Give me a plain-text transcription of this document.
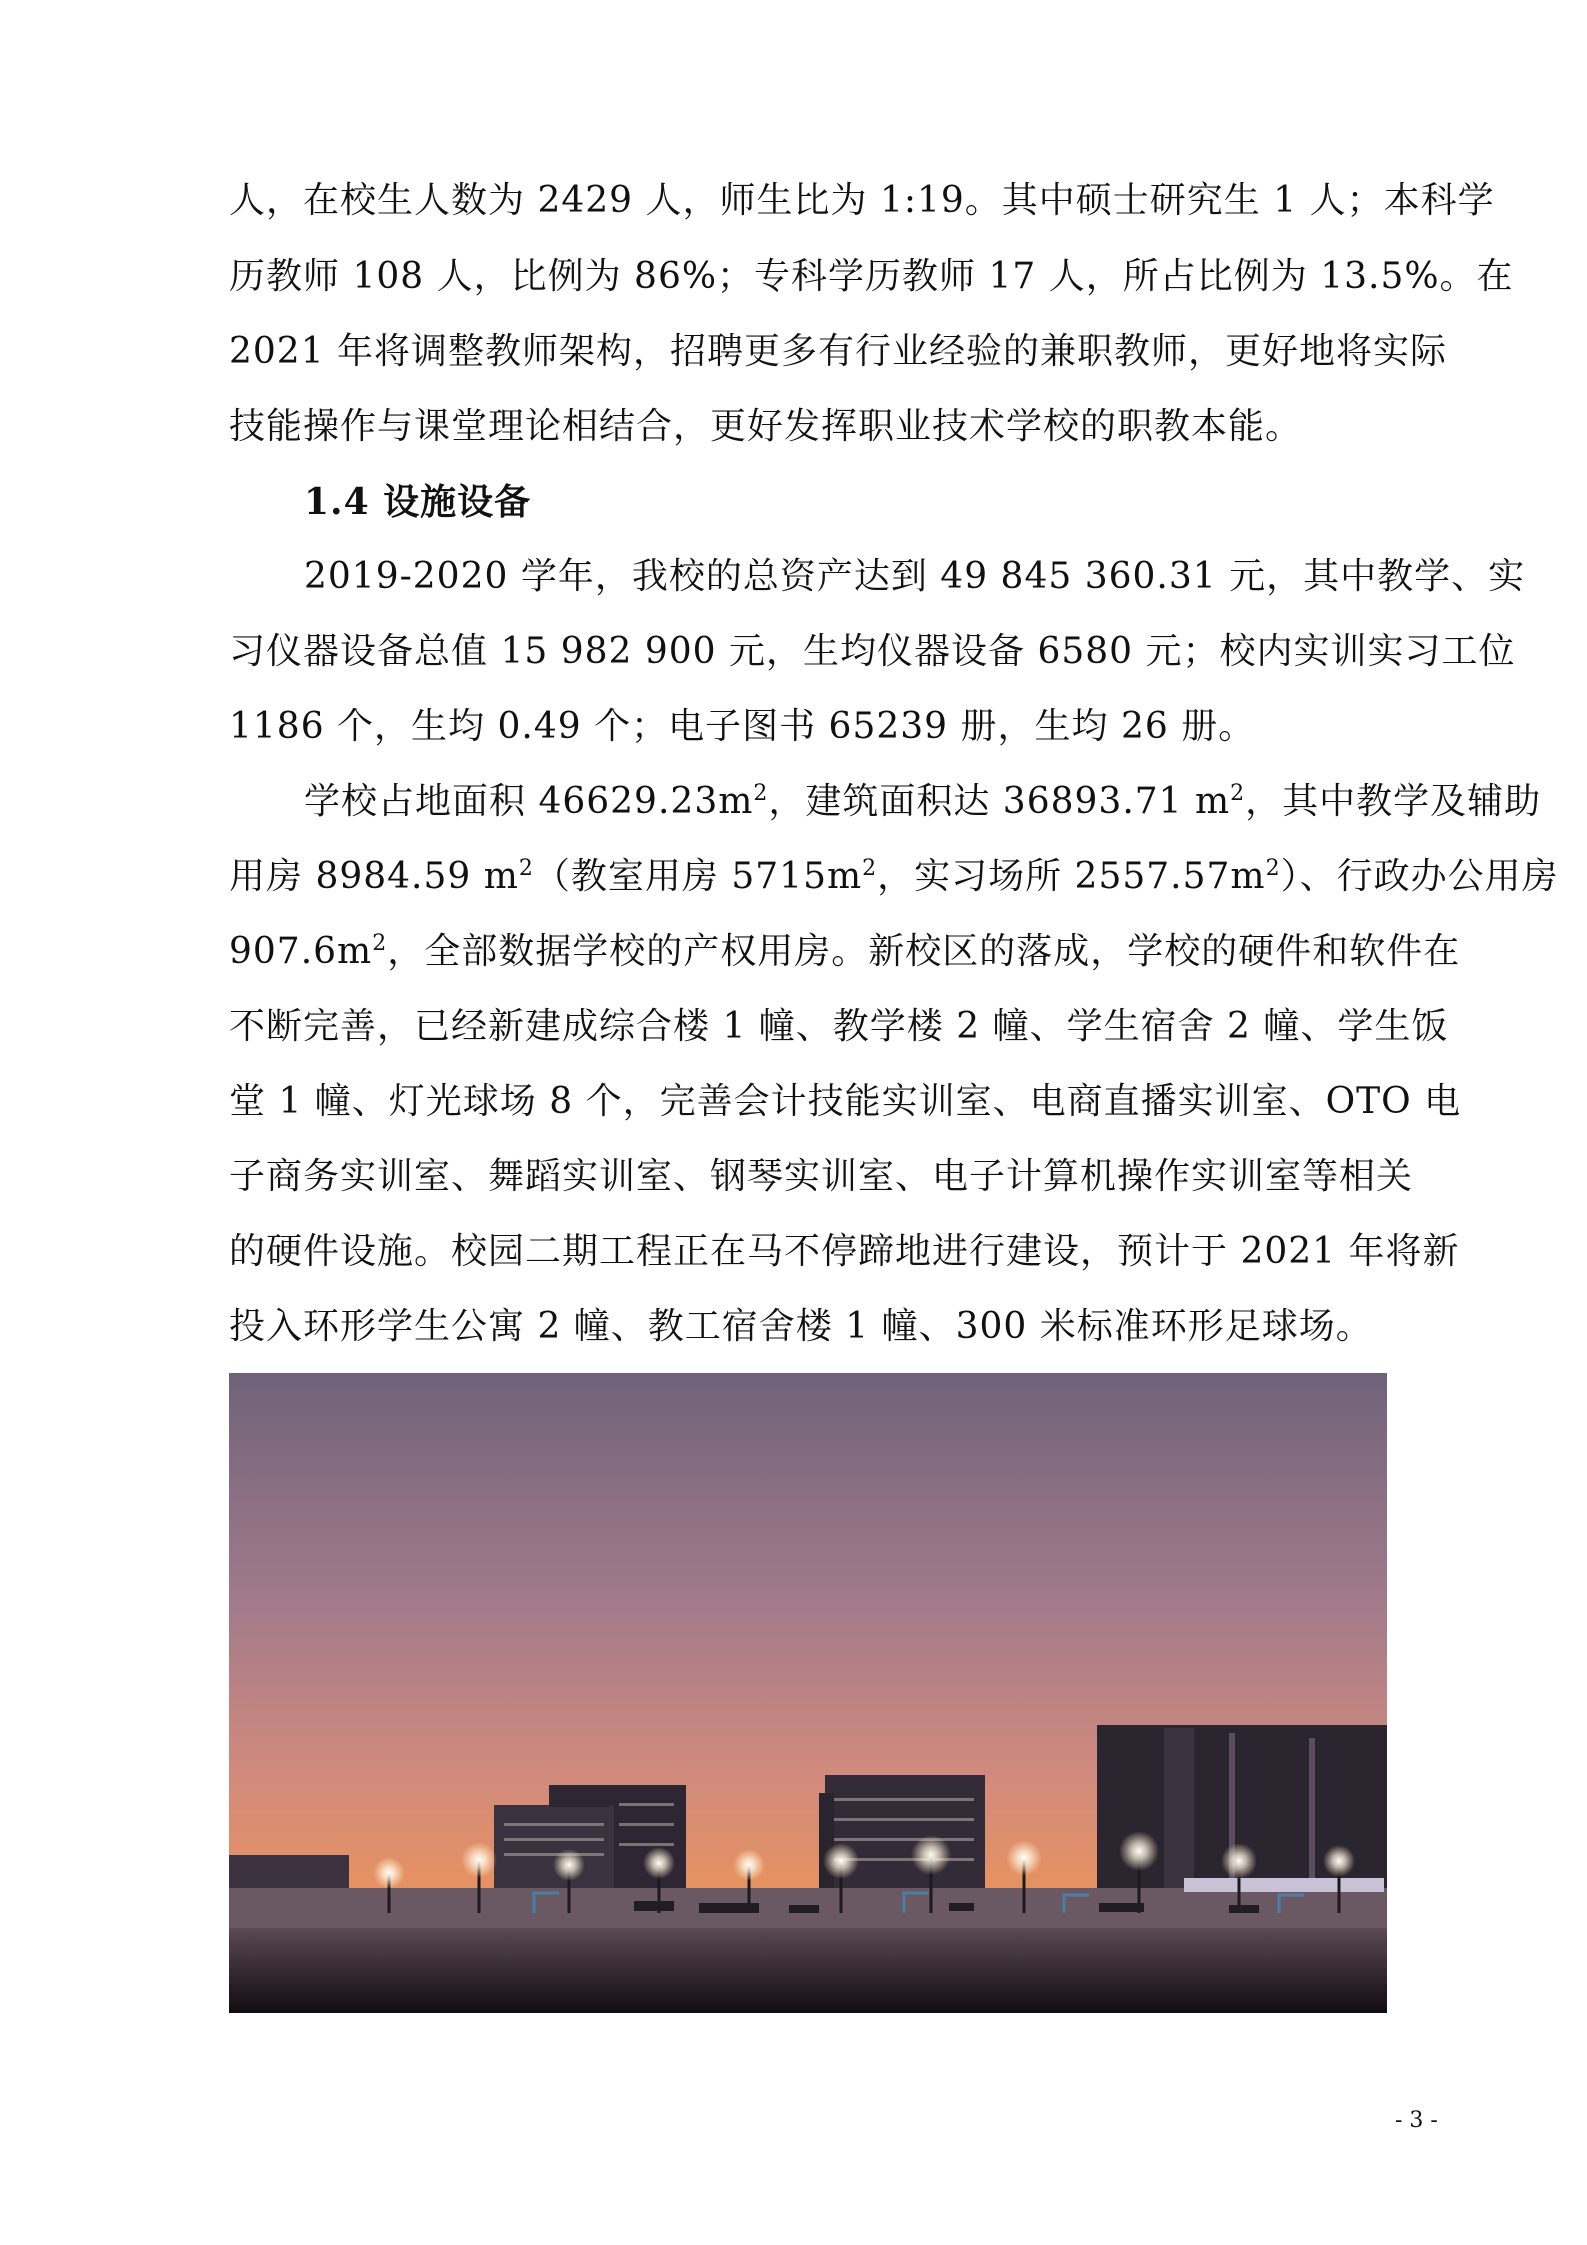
人，在校生人数为 2429 人，师生比为 1:19。其中硕士研究生 1 人；本科学
历教师 108 人，比例为 86%；专科学历教师 17 人，所占比例为 13.5%。在
2021 年将调整教师架构，招聘更多有行业经验的兼职教师，更好地将实际
技能操作与课堂理论相结合，更好发挥职业技术学校的职教本能。
1.4 设施设备
2019-2020 学年，我校的总资产达到 49 845 360.31 元，其中教学、实
习仪器设备总值 15 982 900 元，生均仪器设备 6580 元；校内实训实习工位
1186 个，生均 0.49 个；电子图书 65239 册，生均 26 册。
学校占地面积 $46629.23m^2$，建筑面积达 36893.71 $m^2$，其中教学及辅助
用房 8984.59 $m^2$（教室用房 $5715m^2$，实习场所 $2557.57m^2$）、行政办公用房
$907.6m^2$，全部数据学校的产权用房。新校区的落成，学校的硬件和软件在
不断完善，已经新建成综合楼 1 幢、教学楼 2 幢、学生宿舍 2 幢、学生饭
堂 1 幢、灯光球场 8 个，完善会计技能实训室、电商直播实训室、OTO 电
子商务实训室、舞蹈实训室、钢琴实训室、电子计算机操作实训室等相关
的硬件设施。校园二期工程正在马不停蹄地进行建设，预计于 2021 年将新
投入环形学生公寓 2 幢、教工宿舍楼 1 幢、300 米标准环形足球场。
- 3 -
